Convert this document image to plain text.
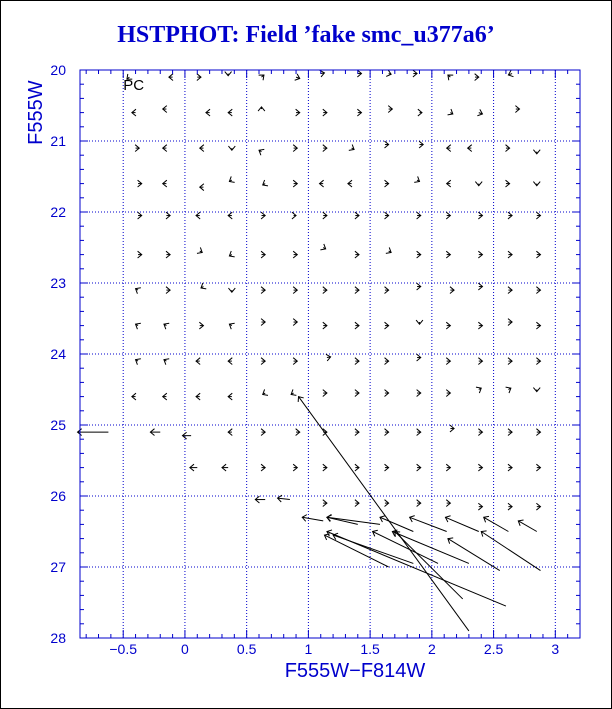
HSTPHOT: Field ’fake smc_u377a6’
−0.5	0	0.5	1	1.5	2	2.5	3
20
21
22
23
24
25
26
27
28
PC
F555W−F814W
F555W
